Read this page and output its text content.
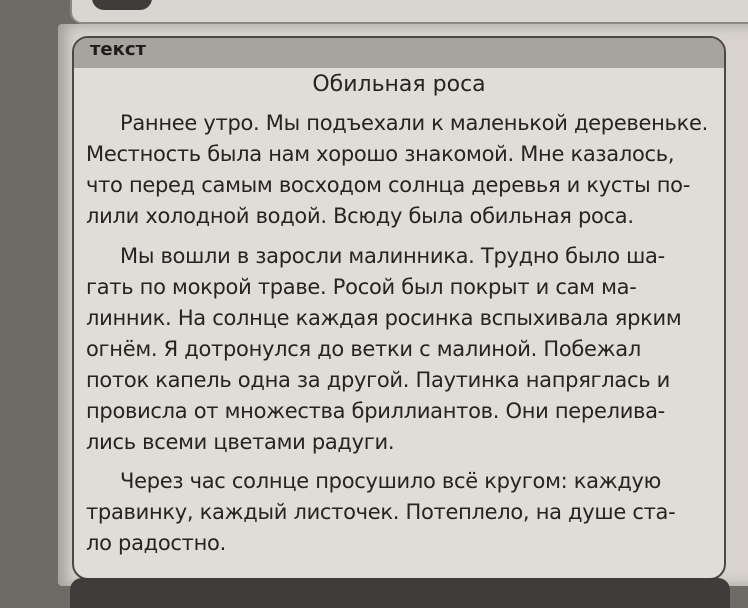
текст
Обильная роса
Раннее утро. Мы подъехали к маленькой деревеньке.
Местность была нам хорошо знакомой. Мне казалось,
что перед самым восходом солнца деревья и кусты по-
лили холодной водой. Всюду была обильная роса.
Мы вошли в заросли малинника. Трудно было ша-
гать по мокрой траве. Росой был покрыт и сам ма-
линник. На солнце каждая росинка вспыхивала ярким
огнём. Я дотронулся до ветки с малиной. Побежал
поток капель одна за другой. Паутинка напряглась и
провисла от множества бриллиантов. Они перелива-
лись всеми цветами радуги.
Через час солнце просушило всё кругом: каждую
травинку, каждый листочек. Потеплело, на душе ста-
ло радостно.
